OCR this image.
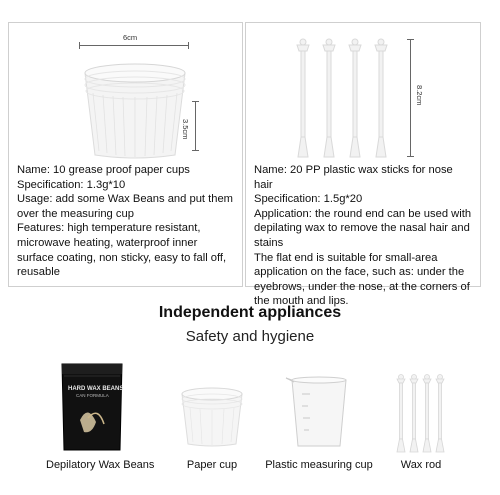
6cm
3.5cm
Name: 10 grease proof paper cups
Specification: 1.3g*10
Usage: add some Wax Beans and put them over the measuring cup
Features: high temperature resistant, microwave heating, waterproof inner surface coating, non sticky, easy to fall off, reusable
8.2cm
Name: 20 PP plastic wax sticks for nose hair
Specification: 1.5g*20
Application: the round end can be used with depilating wax to remove the nasal hair and stains
The flat end is suitable for small-area application on the face, such as: under the eyebrows, under the nose, at the corners of the mouth and lips.
Independent appliances
Safety and hygiene
HARD WAX BEANS
CAN FORMULA
Depilatory Wax Beans	Paper cup	Plastic measuring cup	Wax rod
